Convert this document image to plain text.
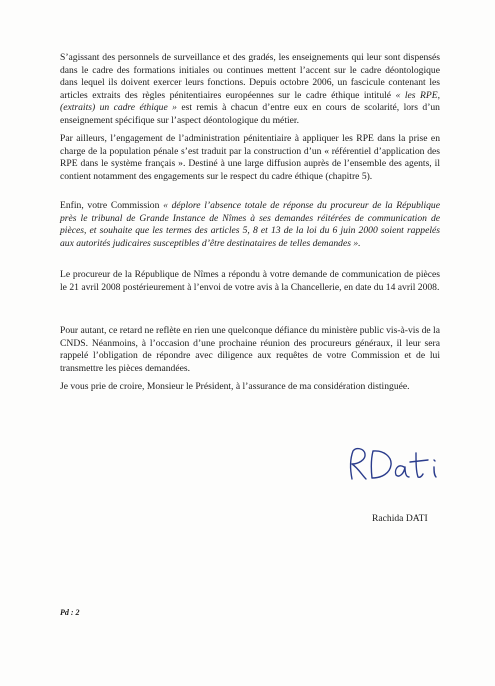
S’agissant des personnels de surveillance et des gradés, les enseignements qui leur sont dispensés dans le cadre des formations initiales ou continues mettent l’accent sur le cadre déontologique dans lequel ils doivent exercer leurs fonctions. Depuis octobre 2006, un fascicule contenant les articles extraits des règles pénitentiaires européennes sur le cadre éthique intitulé « les RPE, (extraits) un cadre éthique » est remis à chacun d’entre eux en cours de scolarité, lors d’un enseignement spécifique sur l’aspect déontologique du métier.

Par ailleurs, l’engagement de l’administration pénitentiaire à appliquer les RPE dans la prise en charge de la population pénale s’est traduit par la construction d’un « référentiel d’application des RPE dans le système français ». Destiné à une large diffusion auprès de l’ensemble des agents, il contient notamment des engagements sur le respect du cadre éthique (chapitre 5).

Enfin, votre Commission « déplore l’absence totale de réponse du procureur de la République près le tribunal de Grande Instance de Nîmes à ses demandes réitérées de communication de pièces, et souhaite que les termes des articles 5, 8 et 13 de la loi du 6 juin 2000 soient rappelés aux autorités judicaires susceptibles d’être destinataires de telles demandes ».

Le procureur de la République de Nîmes a répondu à votre demande de communication de pièces le 21 avril 2008 postérieurement à l’envoi de votre avis à la Chancellerie, en date du 14 avril 2008.

Pour autant, ce retard ne reflète en rien une quelconque défiance du ministère public vis-à-vis de la CNDS. Néanmoins, à l’occasion d’une prochaine réunion des procureurs généraux, il leur sera rappelé l’obligation de répondre avec diligence aux requêtes de votre Commission et de lui transmettre les pièces demandées.

Je vous prie de croire, Monsieur le Président, à l’assurance de ma considération distinguée.

Rachida DATI
Pd : 2
